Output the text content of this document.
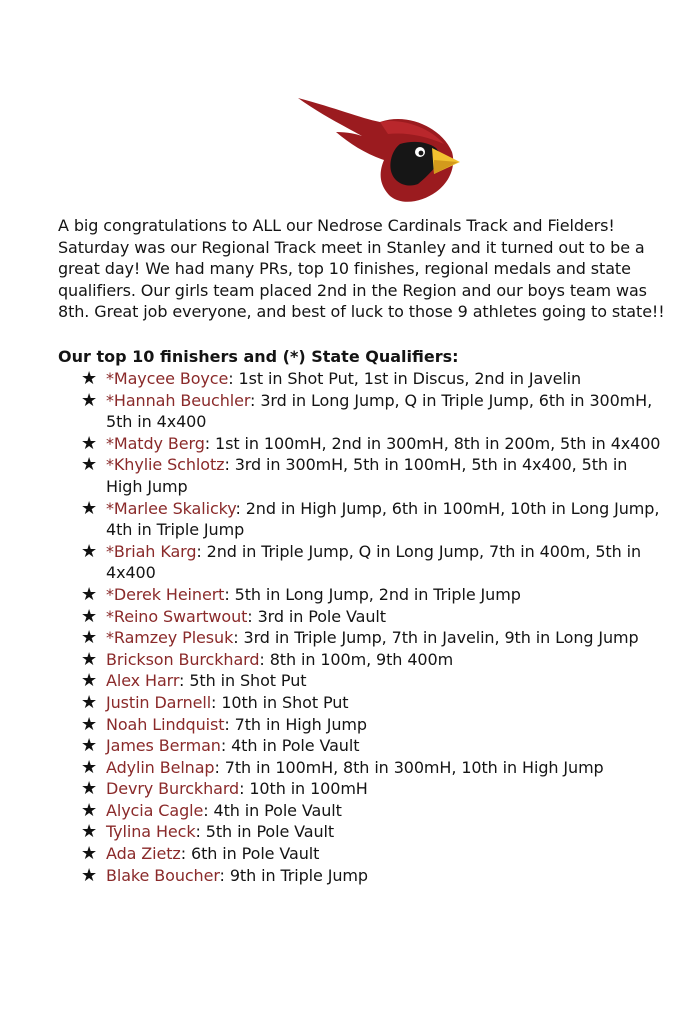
A big congratulations to ALL our Nedrose Cardinals Track and Fielders! Saturday was our Regional Track meet in Stanley and it turned out to be a great day! We had many PRs, top 10 finishes, regional medals and state qualifiers. Our girls team placed 2nd in the Region and our boys team was 8th. Great job everyone, and best of luck to those 9 athletes going to state!!

Our top 10 finishers and (*) State Qualifiers:

★ *Maycee Boyce: 1st in Shot Put, 1st in Discus, 2nd in Javelin
★ *Hannah Beuchler: 3rd in Long Jump, Q in Triple Jump, 6th in 300mH, 5th in 4x400
★ *Matdy Berg: 1st in 100mH, 2nd in 300mH, 8th in 200m, 5th in 4x400
★ *Khylie Schlotz: 3rd in 300mH, 5th in 100mH, 5th in 4x400, 5th in High Jump
★ *Marlee Skalicky: 2nd in High Jump, 6th in 100mH, 10th in Long Jump, 4th in Triple Jump
★ *Briah Karg: 2nd in Triple Jump, Q in Long Jump, 7th in 400m, 5th in 4x400
★ *Derek Heinert: 5th in Long Jump, 2nd in Triple Jump
★ *Reino Swartwout: 3rd in Pole Vault
★ *Ramzey Plesuk: 3rd in Triple Jump, 7th in Javelin, 9th in Long Jump
★ Brickson Burckhard: 8th in 100m, 9th 400m
★ Alex Harr: 5th in Shot Put
★ Justin Darnell: 10th in Shot Put
★ Noah Lindquist: 7th in High Jump
★ James Berman: 4th in Pole Vault
★ Adylin Belnap: 7th in 100mH, 8th in 300mH, 10th in High Jump
★ Devry Burckhard: 10th in 100mH
★ Alycia Cagle: 4th in Pole Vault
★ Tylina Heck: 5th in Pole Vault
★ Ada Zietz: 6th in Pole Vault
★ Blake Boucher: 9th in Triple Jump
